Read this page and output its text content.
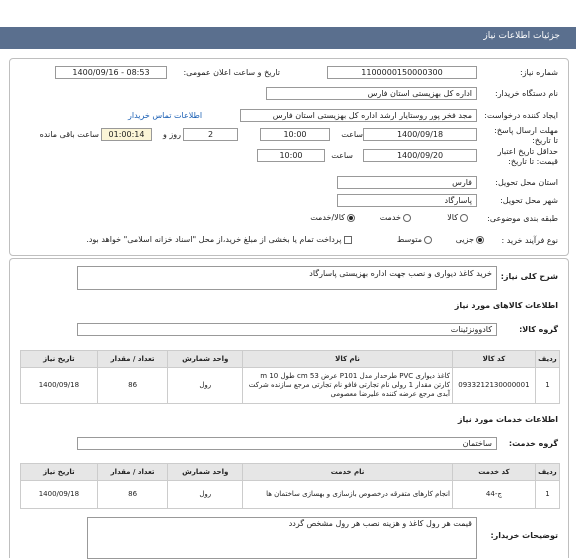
جزئیات اطلاعات نیاز
شماره نیاز:
1100000150000300
تاریخ و ساعت اعلان عمومی:
1400/09/16 - 08:53
نام دستگاه خریدار:
اداره کل بهزیستی استان فارس
ایجاد کننده درخواست:
مجد فخر پور روستایار ارشد اداره کل بهزیستی استان فارس
اطلاعات تماس خریدار
مهلت ارسال پاسخ: تا تاریخ:
1400/09/18
ساعت
10:00
2
روز و
01:00:14
ساعت باقی مانده
حداقل تاریخ اعتبار قیمت: تا تاریخ:
1400/09/20
ساعت
10:00
استان محل تحویل:
فارس
شهر محل تحویل:
پاسارگاد
طبقه بندی موضوعی:
کالا
خدمت
کالا/خدمت
نوع فرآیند خرید :
جزیی
متوسط
پرداخت تمام یا بخشی از مبلغ خرید،از محل "اسناد خزانه اسلامی" خواهد بود.
شرح کلی نیاز:
خرید کاغذ دیواری و نصب جهت اداره بهزیستی پاسارگاد
اطلاعات کالاهای مورد نیاز
گروه کالا:
کادوونزئینات
ردیف	کد کالا	نام کالا	واحد شمارش	تعداد / مقدار	تاریخ نیاز
1	0933212130000001	کاغذ دیواری PVC طرحدار مدل P101 عرض 53 cm طول 10 m کارتن مقدار 1 رولی نام تجارتی فافو نام تجارتی مرجع سازنده شرکت آبدی مرجع عرضه کننده علیرضا معصومی	رول	86	1400/09/18
اطلاعات خدمات مورد نیاز
گروه خدمت:
ساختمان
ردیف	کد خدمت	نام خدمت	واحد شمارش	تعداد / مقدار	تاریخ نیاز
1	ج-44	انجام کارهای متفرقه درخصوص بازسازی و بهسازی ساختمان ها	رول	86	1400/09/18
توضیحات خریدار:
قیمت هر رول کاغذ و هزینه نصب هر رول مشخص گردد
